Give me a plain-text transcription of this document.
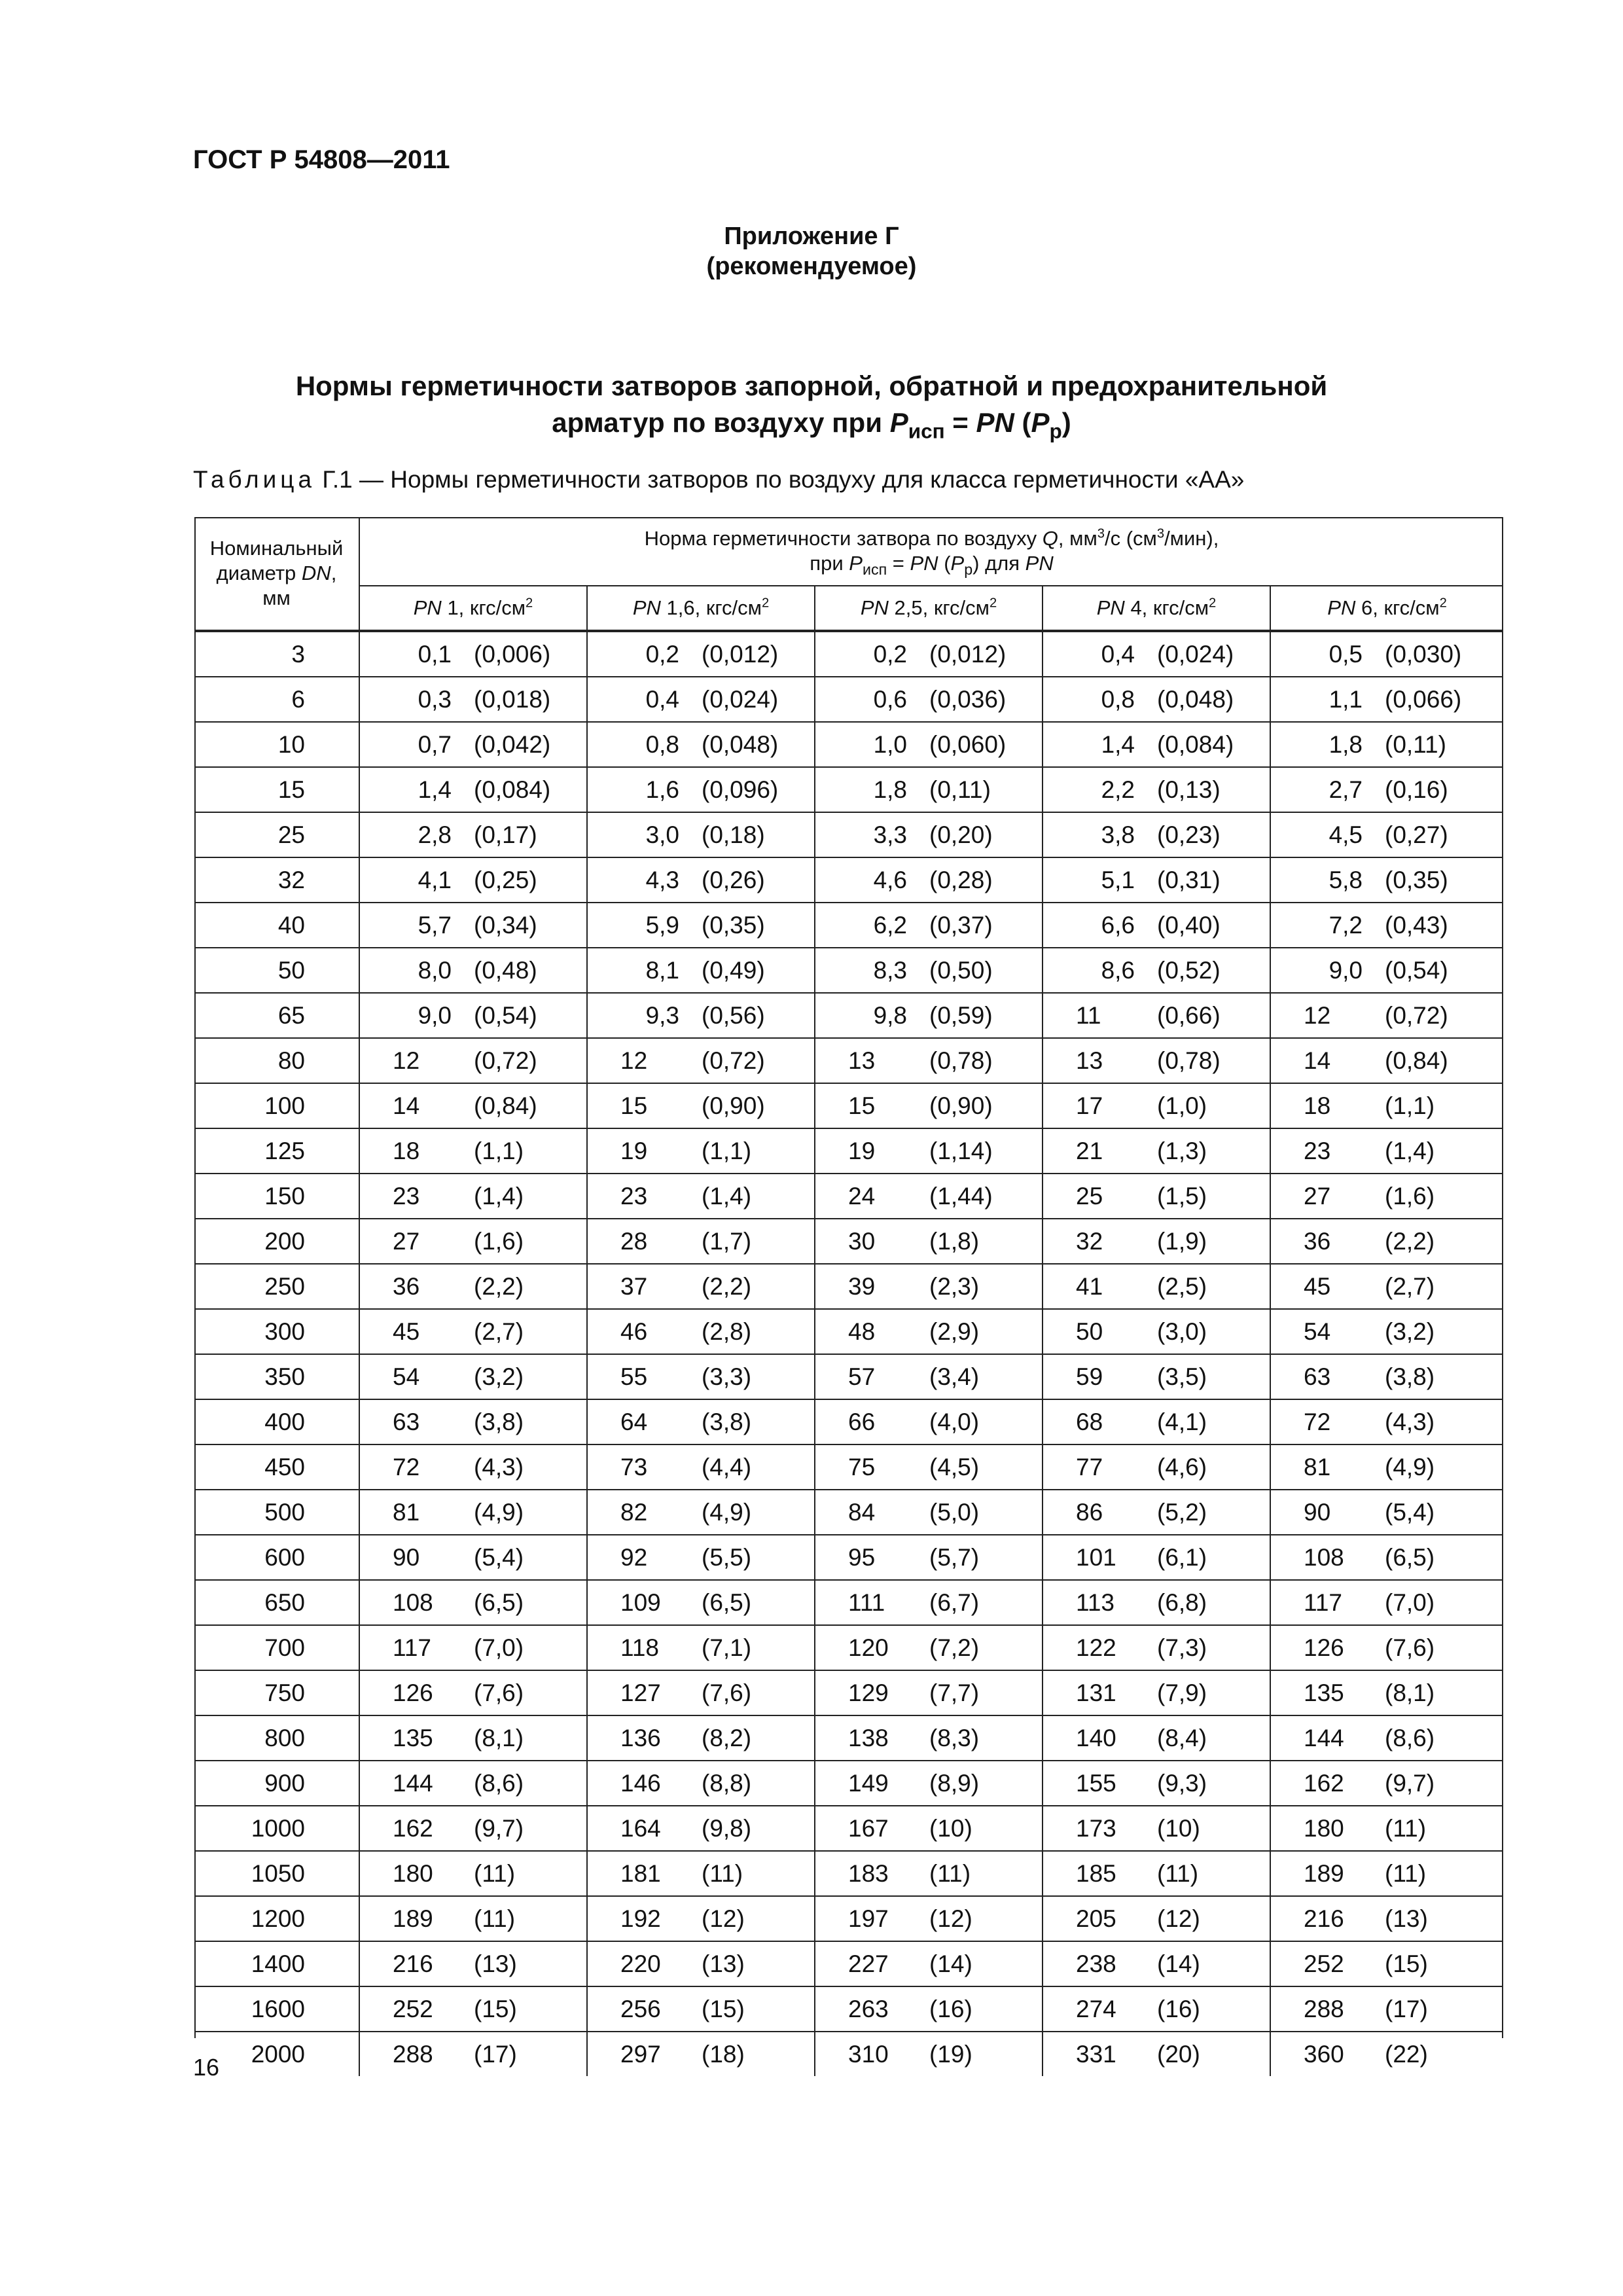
ГОСТ Р 54808—2011
Приложение Г
(рекомендуемое)
Нормы герметичности затворов запорной, обратной и предохранительной
арматур по воздуху при $P_{исп}$ = PN $(P_р)$
Таблица Г.1 — Нормы герметичности затворов по воздуху для класса герметичности «АА»
Номинальный
диаметр DN,
мм	Норма герметичности затвора по воздуху Q, $мм^3/с$ $(см^3/мин)$,
при $P_{исп}$ = PN $(P_р)$ для PN				
	PN 1, кгс/$см^2$	PN 1,6, кгс/$см^2$	PN 2,5, кгс/$см^2$	PN 4, кгс/$см^2$	PN 6, кгс/$см^2$
3	0,1 (0,006)	0,2 (0,012)	0,2 (0,012)	0,4 (0,024)	0,5 (0,030)

6	0,3 (0,018)	0,4 (0,024)	0,6 (0,036)	0,8 (0,048)	1,1 (0,066)

10	0,7 (0,042)	0,8 (0,048)	1,0 (0,060)	1,4 (0,084)	1,8 (0,11)

15	1,4 (0,084)	1,6 (0,096)	1,8 (0,11)	2,2 (0,13)	2,7 (0,16)

25	2,8 (0,17)	3,0 (0,18)	3,3 (0,20)	3,8 (0,23)	4,5 (0,27)

32	4,1 (0,25)	4,3 (0,26)	4,6 (0,28)	5,1 (0,31)	5,8 (0,35)

40	5,7 (0,34)	5,9 (0,35)	6,2 (0,37)	6,6 (0,40)	7,2 (0,43)

50	8,0 (0,48)	8,1 (0,49)	8,3 (0,50)	8,6 (0,52)	9,0 (0,54)

65	9,0 (0,54)	9,3 (0,56)	9,8 (0,59)	11 (0,66)	12 (0,72)

80	12 (0,72)	12 (0,72)	13 (0,78)	13 (0,78)	14 (0,84)

100	14 (0,84)	15 (0,90)	15 (0,90)	17 (1,0)	18 (1,1)

125	18 (1,1)	19 (1,1)	19 (1,14)	21 (1,3)	23 (1,4)

150	23 (1,4)	23 (1,4)	24 (1,44)	25 (1,5)	27 (1,6)

200	27 (1,6)	28 (1,7)	30 (1,8)	32 (1,9)	36 (2,2)

250	36 (2,2)	37 (2,2)	39 (2,3)	41 (2,5)	45 (2,7)

300	45 (2,7)	46 (2,8)	48 (2,9)	50 (3,0)	54 (3,2)

350	54 (3,2)	55 (3,3)	57 (3,4)	59 (3,5)	63 (3,8)

400	63 (3,8)	64 (3,8)	66 (4,0)	68 (4,1)	72 (4,3)

450	72 (4,3)	73 (4,4)	75 (4,5)	77 (4,6)	81 (4,9)

500	81 (4,9)	82 (4,9)	84 (5,0)	86 (5,2)	90 (5,4)

600	90 (5,4)	92 (5,5)	95 (5,7)	101 (6,1)	108 (6,5)

650	108 (6,5)	109 (6,5)	111 (6,7)	113 (6,8)	117 (7,0)

700	117 (7,0)	118 (7,1)	120 (7,2)	122 (7,3)	126 (7,6)

750	126 (7,6)	127 (7,6)	129 (7,7)	131 (7,9)	135 (8,1)

800	135 (8,1)	136 (8,2)	138 (8,3)	140 (8,4)	144 (8,6)

900	144 (8,6)	146 (8,8)	149 (8,9)	155 (9,3)	162 (9,7)

1000	162 (9,7)	164 (9,8)	167 (10)	173 (10)	180 (11)

1050	180 (11)	181 (11)	183 (11)	185 (11)	189 (11)

1200	189 (11)	192 (12)	197 (12)	205 (12)	216 (13)

1400	216 (13)	220 (13)	227 (14)	238 (14)	252 (15)

1600	252 (15)	256 (15)	263 (16)	274 (16)	288 (17)

2000	288 (17)	297 (18)	310 (19)	331 (20)	360 (22)
16
